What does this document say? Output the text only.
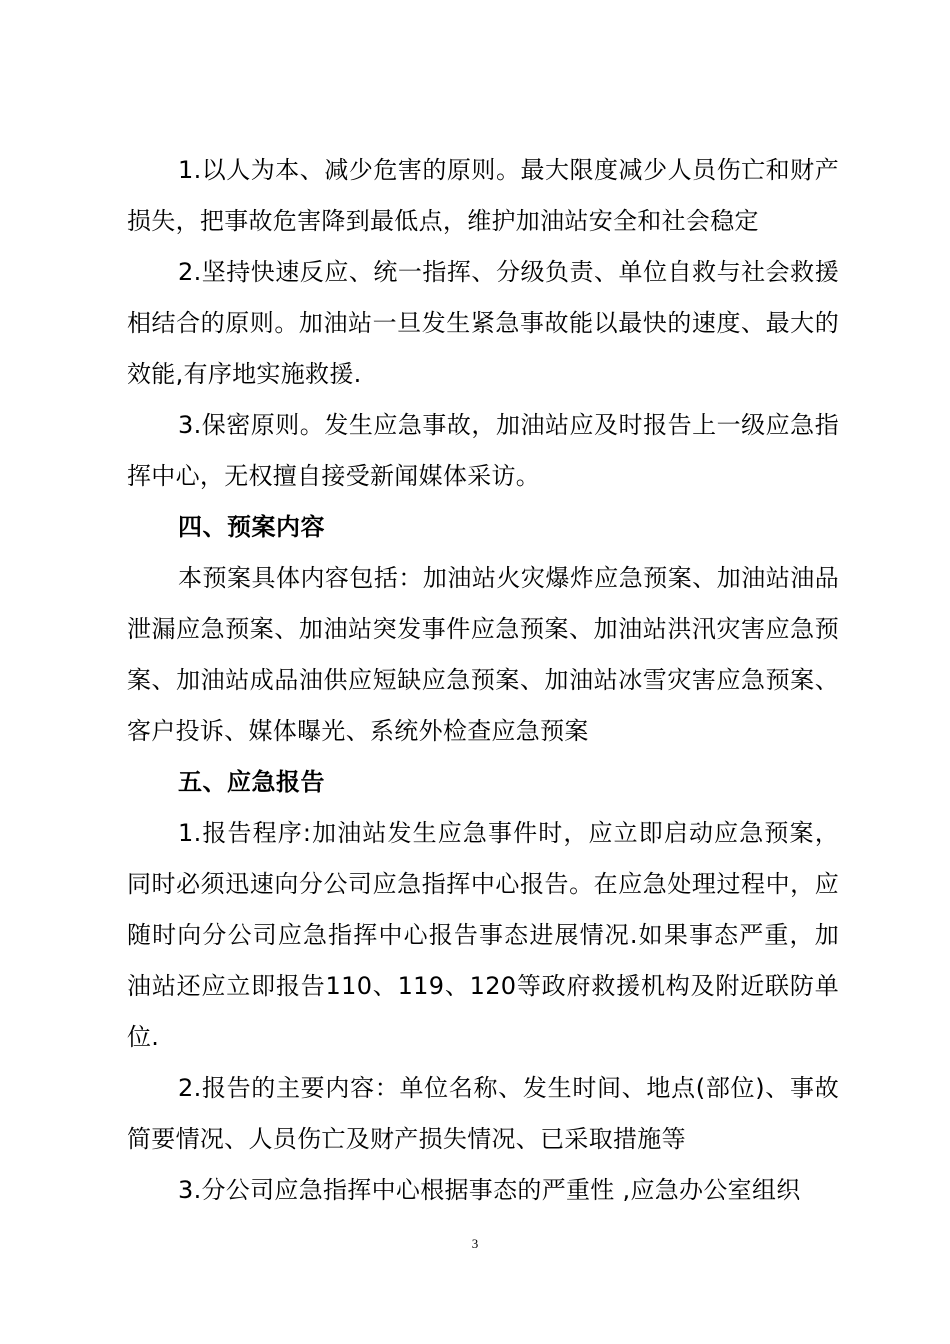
1.以人为本、减少危害的原则。最大限度减少人员伤亡和财产损失，把事故危害降到最低点，维护加油站安全和社会稳定

2.坚持快速反应、统一指挥、分级负责、单位自救与社会救援相结合的原则。加油站一旦发生紧急事故能以最快的速度、最大的效能,有序地实施救援.

3.保密原则。发生应急事故，加油站应及时报告上一级应急指挥中心，无权擅自接受新闻媒体采访。

四、预案内容

本预案具体内容包括：加油站火灾爆炸应急预案、加油站油品泄漏应急预案、加油站突发事件应急预案、加油站洪汛灾害应急预案、加油站成品油供应短缺应急预案、加油站冰雪灾害应急预案、客户投诉、媒体曝光、系统外检查应急预案

五、应急报告

1.报告程序:加油站发生应急事件时，应立即启动应急预案，同时必须迅速向分公司应急指挥中心报告。在应急处理过程中，应随时向分公司应急指挥中心报告事态进展情况.如果事态严重，加油站还应立即报告110、119、120等政府救援机构及附近联防单位.

2.报告的主要内容：单位名称、发生时间、地点(部位)、事故简要情况、人员伤亡及财产损失情况、已采取措施等

3.分公司应急指挥中心根据事态的严重性 ,应急办公室组织

3
